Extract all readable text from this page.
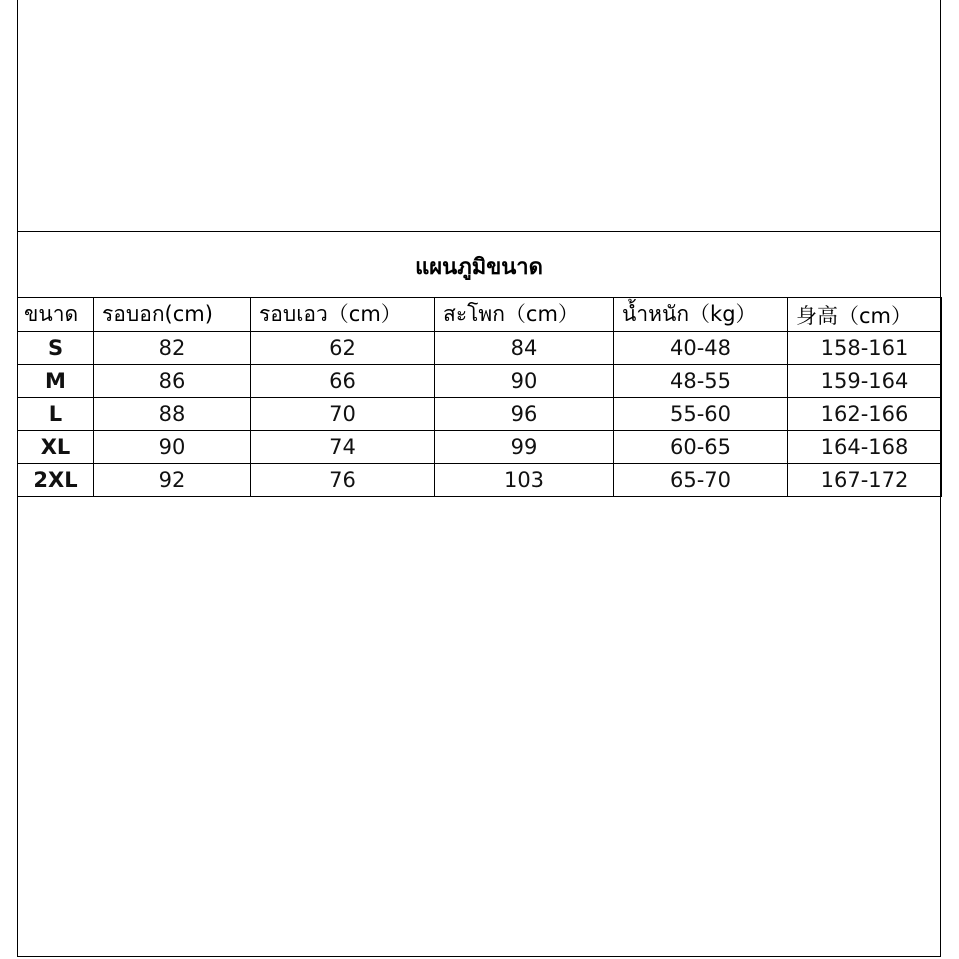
แผนภูมิขนาด
ขนาด	รอบอก(cm)	รอบเอว（cm）	สะโพก（cm）	น้ำหนัก（kg）	身高（cm）
S	82	62	84	40-48	158-161
M	86	66	90	48-55	159-164
L	88	70	96	55-60	162-166
XL	90	74	99	60-65	164-168
2XL	92	76	103	65-70	167-172
